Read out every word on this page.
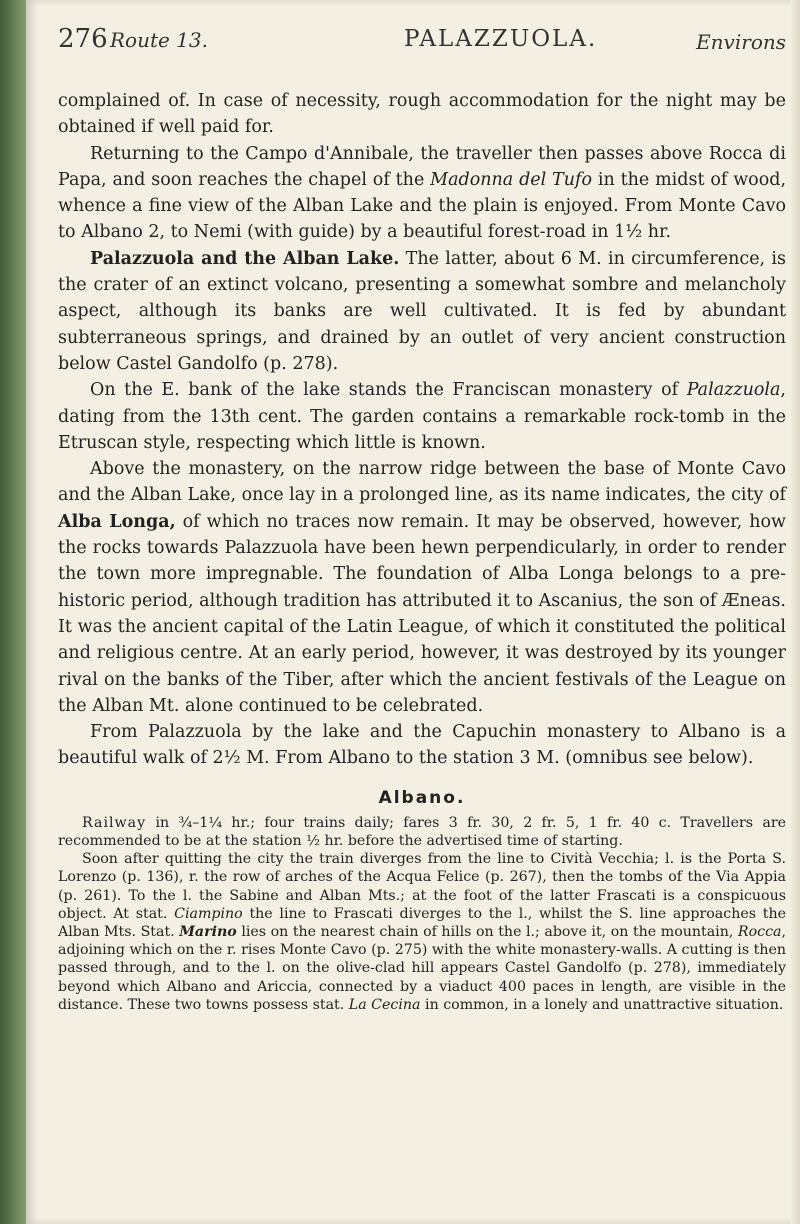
276 Route 13.	PALAZZUOLA.	Environs

complained of. In case of necessity, rough accommodation for the night may be obtained if well paid for.

Returning to the Campo d'Annibale, the traveller then passes above Rocca di Papa, and soon reaches the chapel of the Madonna del Tufo in the midst of wood, whence a fine view of the Alban Lake and the plain is enjoyed. From Monte Cavo to Albano 2, to Nemi (with guide) by a beautiful forest-road in 1½ hr.

Palazzuola and the Alban Lake. The latter, about 6 M. in circumference, is the crater of an extinct volcano, presenting a somewhat sombre and melancholy aspect, although its banks are well cultivated. It is fed by abundant subterraneous springs, and drained by an outlet of very ancient construction below Castel Gandolfo (p. 278).

On the E. bank of the lake stands the Franciscan monastery of Palazzuola, dating from the 13th cent. The garden contains a remarkable rock-tomb in the Etruscan style, respecting which little is known.

Above the monastery, on the narrow ridge between the base of Monte Cavo and the Alban Lake, once lay in a prolonged line, as its name indicates, the city of Alba Longa, of which no traces now remain. It may be observed, however, how the rocks towards Palazzuola have been hewn perpendicularly, in order to render the town more impregnable. The foundation of Alba Longa belongs to a pre-historic period, although tradition has attributed it to Ascanius, the son of Æneas. It was the ancient capital of the Latin League, of which it constituted the political and religious centre. At an early period, however, it was destroyed by its younger rival on the banks of the Tiber, after which the ancient festivals of the League on the Alban Mt. alone continued to be celebrated.

From Palazzuola by the lake and the Capuchin monastery to Albano is a beautiful walk of 2½ M. From Albano to the station 3 M. (omnibus see below).

Albano.

Railway in ¾–1¼ hr.; four trains daily; fares 3 fr. 30, 2 fr. 5, 1 fr. 40 c. Travellers are recommended to be at the station ½ hr. before the advertised time of starting.

Soon after quitting the city the train diverges from the line to Cività Vecchia; l. is the Porta S. Lorenzo (p. 136), r. the row of arches of the Acqua Felice (p. 267), then the tombs of the Via Appia (p. 261). To the l. the Sabine and Alban Mts.; at the foot of the latter Frascati is a conspicuous object. At stat. Ciampino the line to Frascati diverges to the l., whilst the S. line approaches the Alban Mts. Stat. Marino lies on the nearest chain of hills on the l.; above it, on the mountain, Rocca, adjoining which on the r. rises Monte Cavo (p. 275) with the white monastery-walls. A cutting is then passed through, and to the l. on the olive-clad hill appears Castel Gandolfo (p. 278), immediately beyond which Albano and Ariccia, connected by a viaduct 400 paces in length, are visible in the distance. These two towns possess stat. La Cecina in common, in a lonely and unattractive situation.
